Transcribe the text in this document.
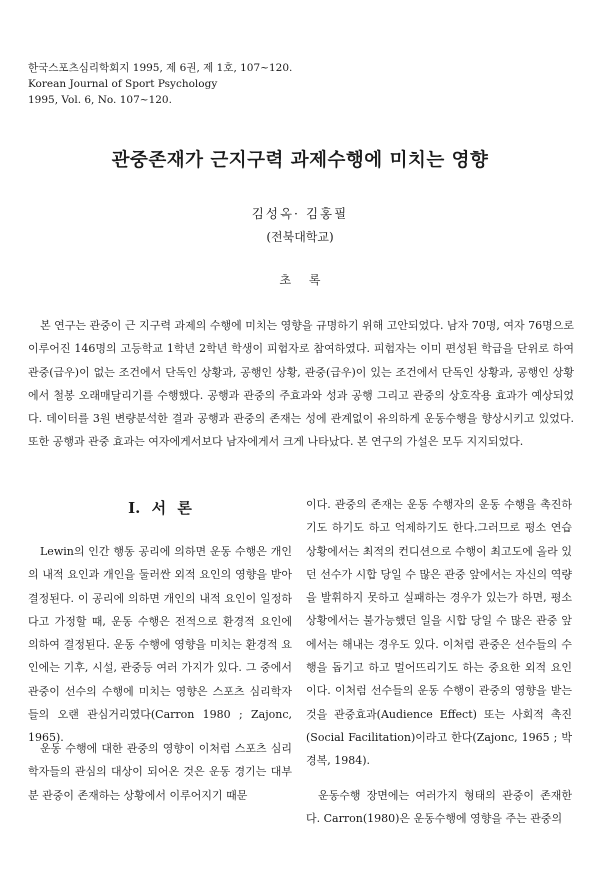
한국스포츠심리학회지 1995, 제 6권, 제 1호, 107~120.
Korean Journal of Sport Psychology
1995, Vol. 6, No. 107~120.
관중존재가 근지구력 과제수행에 미치는 영향
김성옥· 김홍필
(전북대학교)
초 록

본 연구는 관중이 근 지구력 과제의 수행에 미치는 영향을 규명하기 위해 고안되었다. 남자 70명, 여자 76명으로 이루어진 146명의 고등학교 1학년 2학년 학생이 피험자로 참여하였다. 피험자는 이미 편성된 학급을 단위로 하여 관중(급우)이 없는 조건에서 단독인 상황과, 공행인 상황, 관중(급우)이 있는 조건에서 단독인 상황과, 공행인 상황에서 철봉 오래매달리기를 수행했다. 공행과 관중의 주효과와 성과 공행 그리고 관중의 상호작용 효과가 예상되었다. 데이터를 3원 변량분석한 결과 공행과 관중의 존재는 성에 관계없이 유의하게 운동수행을 향상시키고 있었다. 또한 공행과 관중 효과는 여자에게서보다 남자에게서 크게 나타났다. 본 연구의 가설은 모두 지지되었다.

I. 서 론

Lewin의 인간 행동 공리에 의하면 운동 수행은 개인의 내적 요인과 개인을 둘러싼 외적 요인의 영향을 받아 결정된다. 이 공리에 의하면 개인의 내적 요인이 일정하다고 가정할 때, 운동 수행은 전적으로 환경적 요인에 의하여 결정된다. 운동 수행에 영향을 미치는 환경적 요인에는 기후, 시설, 관중등 여러 가지가 있다. 그 중에서 관중이 선수의 수행에 미치는 영향은 스포츠 심리학자들의 오랜 관심거리였다(Carron 1980 ; Zajonc, 1965).

운동 수행에 대한 관중의 영향이 이처럼 스포츠 심리학자들의 관심의 대상이 되어온 것은 운동 경기는 대부분 관중이 존재하는 상황에서 이루어지기 때문

이다. 관중의 존재는 운동 수행자의 운동 수행을 촉진하기도 하기도 하고 억제하기도 한다.그러므로 평소 연습 상황에서는 최적의 컨디션으로 수행이 최고도에 올라 있던 선수가 시합 당일 수 많은 관중 앞에서는 자신의 역량을 발휘하지 못하고 실패하는 경우가 있는가 하면, 평소 상황에서는 불가능했던 일을 시합 당일 수 많은 관중 앞에서는 해내는 경우도 있다. 이처럼 관중은 선수들의 수행을 돕기고 하고 멀어뜨리기도 하는 중요한 외적 요인이다. 이처럼 선수들의 운동 수행이 관중의 영향을 받는 것을 관중효과(Audience Effect) 또는 사회적 촉진(Social Facilitation)이라고 한다(Zajonc, 1965 ; 박경복, 1984).

운동수행 장면에는 여러가지 형태의 관중이 존재한다. Carron(1980)은 운동수행에 영향을 주는 관중의
